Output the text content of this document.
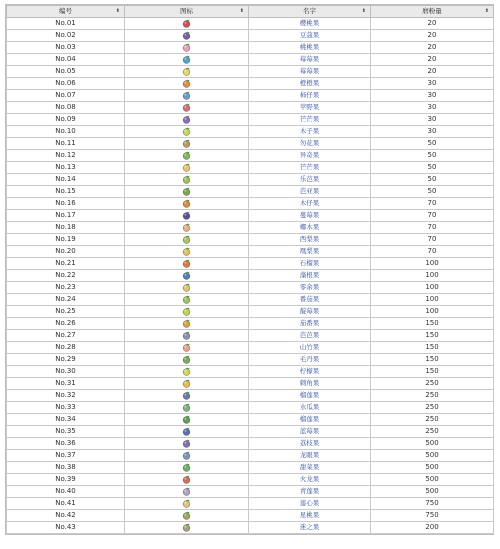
编号 ⬍	图标 ⬍	名字 ⬍	磨粉量 ⬍

No.01		樱桃果	20
No.02		豆蔻果	20
No.03		桃桃果	20
No.04		莓莓果	20
No.05		莓莓果	20
No.06		橙橙果	30
No.07		柿仔果	30
No.08		苹野果	30
No.09		芒芒果	30
No.10		木子果	30
No.11		勿花果	50
No.12		异奇果	50
No.13		芒芒果	50
No.14		乐芭果	50
No.15		芭亚果	50
No.16		木仔果	70
No.17		蔓莓果	70
No.18		椰木果	70
No.19		西梨果	70
No.20		凰梨果	70
No.21		石榴果	100
No.22		藻根果	100
No.23		零余果	100
No.24		番茄果	100
No.25		靛莓果	100
No.26		茄番果	150
No.27		芭芭果	150
No.28		山竹果	150
No.29		毛丹果	150
No.30		柠檬果	150
No.31		刺角果	250
No.32		榴莲果	250
No.33		水瓜果	250
No.34		榴莲果	250
No.35		蓝莓果	250
No.36		荔枝果	500
No.37		龙眼果	500
No.38		甜菜果	500
No.39		火龙果	500
No.40		青莲果	500
No.41		莲心果	750
No.42		星桃果	750
No.43		迷之果	200
